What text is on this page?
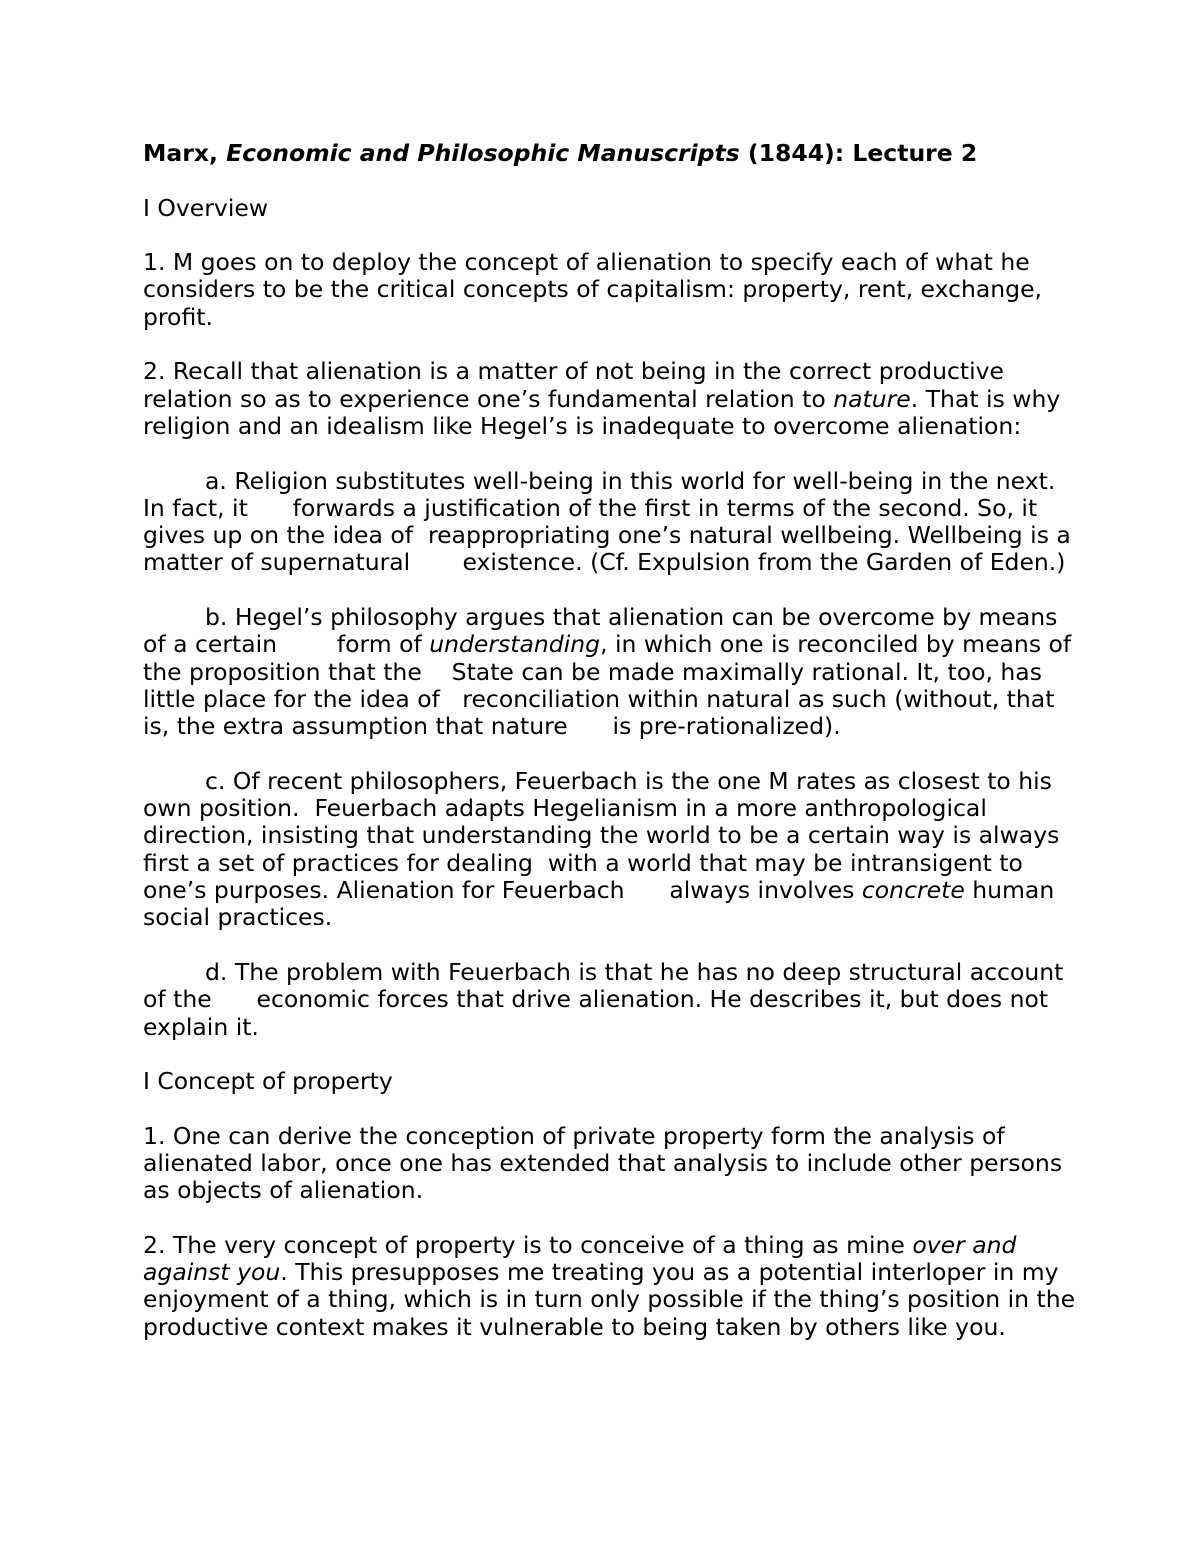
Marx, Economic and Philosophic Manuscripts (1844): Lecture 2

I Overview

1. M goes on to deploy the concept of alienation to specify each of what he considers to be the critical concepts of capitalism: property, rent, exchange, profit.

2. Recall that alienation is a matter of not being in the correct productive relation so as to experience one’s fundamental relation to nature. That is why religion and an idealism like Hegel’s is inadequate to overcome alienation:

a. Religion substitutes well-being in this world for well-being in the next. In fact, it      forwards a justification of the first in terms of the second. So, it gives up on the idea of  reappropriating one’s natural wellbeing. Wellbeing is a matter of supernatural       existence. (Cf. Expulsion from the Garden of Eden.)

b. Hegel’s philosophy argues that alienation can be overcome by means of a certain        form of understanding, in which one is reconciled by means of the proposition that the    State can be made maximally rational. It, too, has little place for the idea of   reconciliation within natural as such (without, that is, the extra assumption that nature      is pre-rationalized).

c. Of recent philosophers, Feuerbach is the one M rates as closest to his own position.  Feuerbach adapts Hegelianism in a more anthropological direction, insisting that understanding the world to be a certain way is always first a set of practices for dealing  with a world that may be intransigent to one’s purposes. Alienation for Feuerbach      always involves concrete human social practices.

d. The problem with Feuerbach is that he has no deep structural account of the      economic forces that drive alienation. He describes it, but does not explain it.

I Concept of property

1. One can derive the conception of private property form the analysis of alienated labor, once one has extended that analysis to include other persons as objects of alienation.

2. The very concept of property is to conceive of a thing as mine over and against you. This presupposes me treating you as a potential interloper in my enjoyment of a thing, which is in turn only possible if the thing’s position in the productive context makes it vulnerable to being taken by others like you.
